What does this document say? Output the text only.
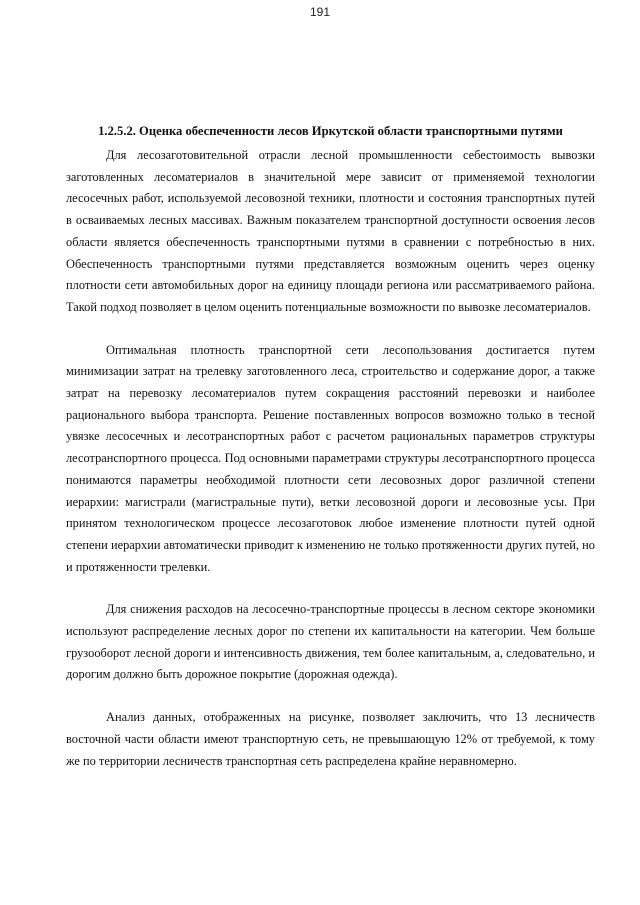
191
1.2.5.2. Оценка обеспеченности лесов Иркутской области транспортными путями

Для лесозаготовительной отрасли лесной промышленности себестоимость вывозки заготовленных лесоматериалов в значительной мере зависит от применяемой технологии лесосечных работ, используемой лесовозной техники, плотности и состояния транспортных путей в осваиваемых лесных массивах. Важным показателем транспортной доступности освоения лесов области является обеспеченность транспортными путями в сравнении с потребностью в них. Обеспеченность транспортными путями представляется возможным оценить через оценку плотности сети автомобильных дорог на единицу площади региона или рассматриваемого района. Такой подход позволяет в целом оценить потенциальные возможности по вывозке лесоматериалов.

Оптимальная плотность транспортной сети лесопользования достигается путем минимизации затрат на трелевку заготовленного леса, строительство и содержание дорог, а также затрат на перевозку лесоматериалов путем сокращения расстояний перевозки и наиболее рационального выбора транспорта. Решение поставленных вопросов возможно только в тесной увязке лесосечных и лесотранспортных работ с расчетом рациональных параметров структуры лесотранспортного процесса. Под основными параметрами структуры лесотранспортного процесса понимаются параметры необходимой плотности сети лесовозных дорог различной степени иерархии: магистрали (магистральные пути), ветки лесовозной дороги и лесовозные усы. При принятом технологическом процессе лесозаготовок любое изменение плотности путей одной степени иерархии автоматически приводит к изменению не только протяженности других путей, но и протяженности трелевки.

Для снижения расходов на лесосечно-транспортные процессы в лесном секторе экономики используют распределение лесных дорог по степени их капитальности на категории. Чем больше грузооборот лесной дороги и интенсивность движения, тем более капитальным, а, следовательно, и дорогим должно быть дорожное покрытие (дорожная одежда).

Анализ данных, отображенных на рисунке, позволяет заключить, что 13 лесничеств восточной части области имеют транспортную сеть, не превышающую 12% от требуемой, к тому же по территории лесничеств транспортная сеть распределена крайне неравномерно.
